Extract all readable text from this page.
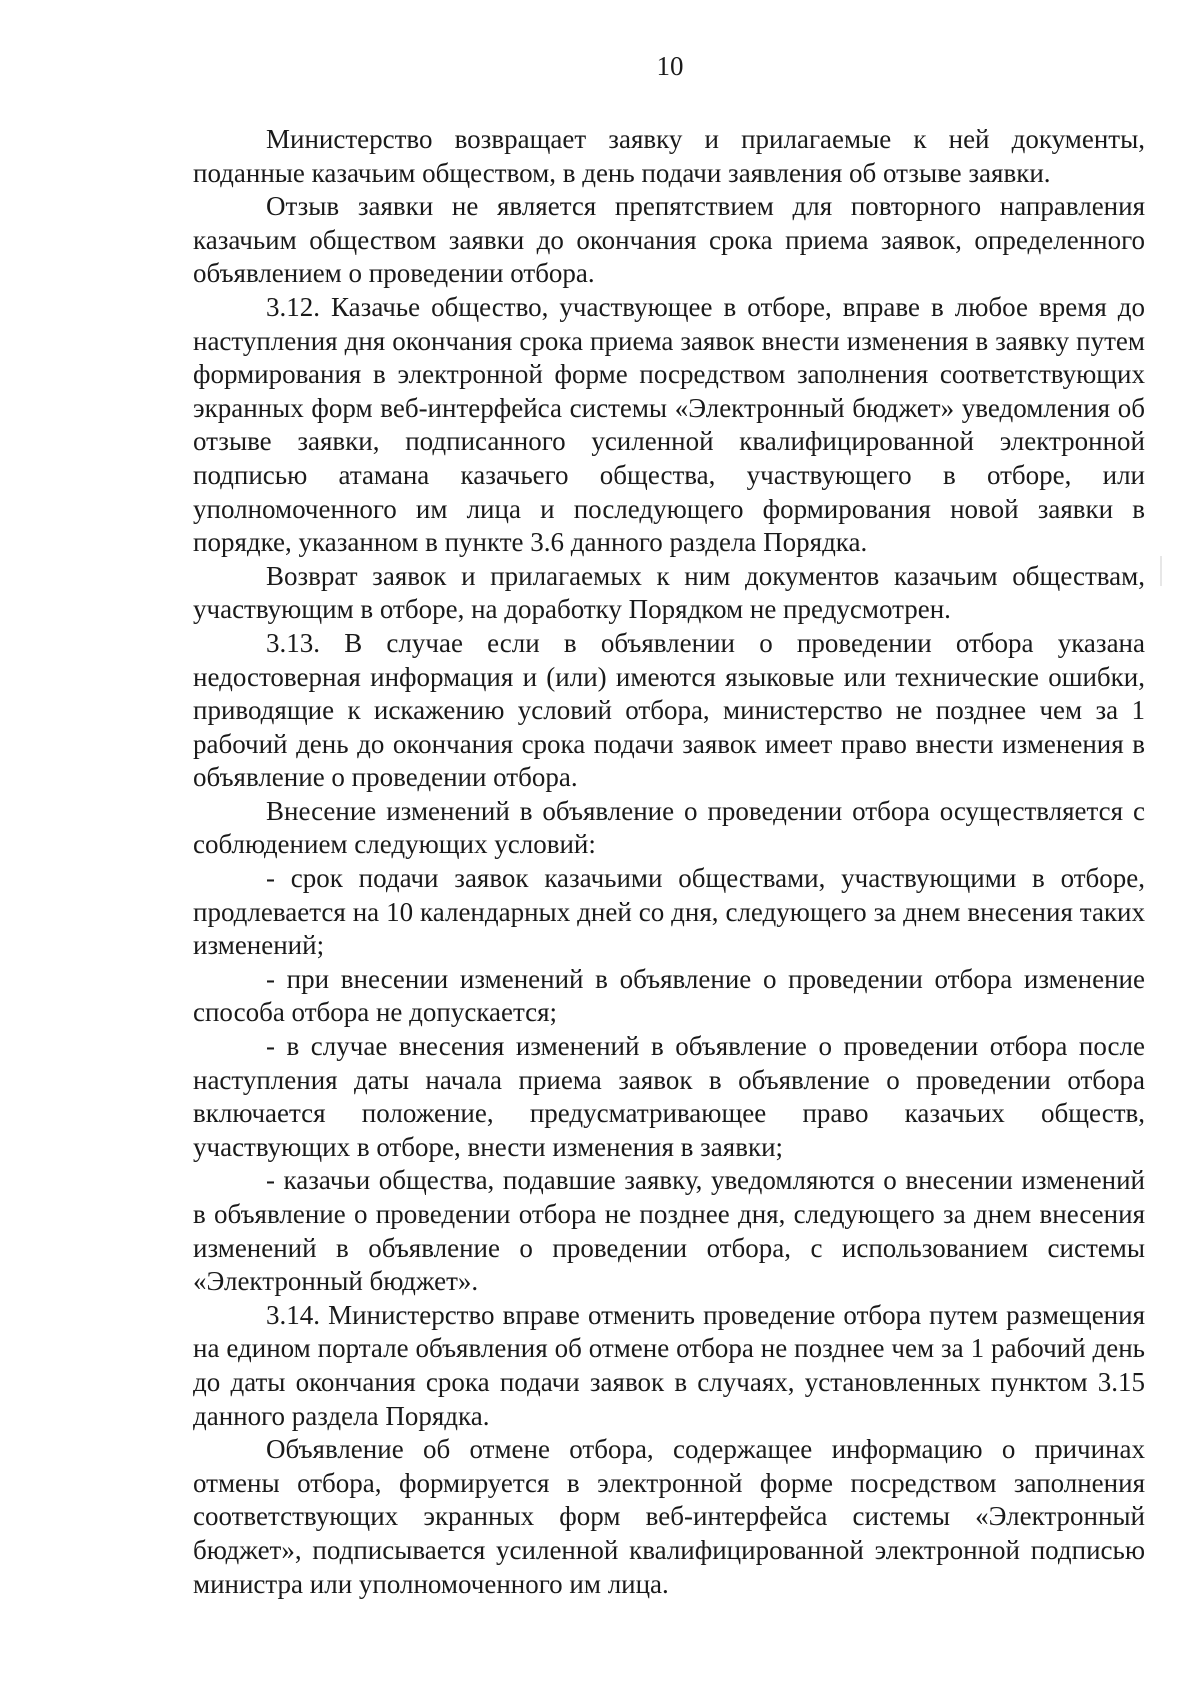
10

Министерство возвращает заявку и прилагаемые к ней документы, поданные казачьим обществом, в день подачи заявления об отзыве заявки.

Отзыв заявки не является препятствием для повторного направления казачьим обществом заявки до окончания срока приема заявок, определенного объявлением о проведении отбора.

3.12. Казачье общество, участвующее в отборе, вправе в любое время до наступления дня окончания срока приема заявок внести изменения в заявку путем формирования в электронной форме посредством заполнения соответствующих экранных форм веб-интерфейса системы «Электронный бюджет» уведомления об отзыве заявки, подписанного усиленной квалифицированной электронной подписью атамана казачьего общества, участвующего в отборе, или уполномоченного им лица и последующего формирования новой заявки в порядке, указанном в пункте 3.6 данного раздела Порядка.

Возврат заявок и прилагаемых к ним документов казачьим обществам, участвующим в отборе, на доработку Порядком не предусмотрен.

3.13. В случае если в объявлении о проведении отбора указана недостоверная информация и (или) имеются языковые или технические ошибки, приводящие к искажению условий отбора, министерство не позднее чем за 1 рабочий день до окончания срока подачи заявок имеет право внести изменения в объявление о проведении отбора.

Внесение изменений в объявление о проведении отбора осуществляется с соблюдением следующих условий:

- срок подачи заявок казачьими обществами, участвующими в отборе, продлевается на 10 календарных дней со дня, следующего за днем внесения таких изменений;

- при внесении изменений в объявление о проведении отбора изменение способа отбора не допускается;

- в случае внесения изменений в объявление о проведении отбора после наступления даты начала приема заявок в объявление о проведении отбора включается положение, предусматривающее право казачьих обществ, участвующих в отборе, внести изменения в заявки;

- казачьи общества, подавшие заявку, уведомляются о внесении изменений в объявление о проведении отбора не позднее дня, следующего за днем внесения изменений в объявление о проведении отбора, с использованием системы «Электронный бюджет».

3.14. Министерство вправе отменить проведение отбора путем размещения на едином портале объявления об отмене отбора не позднее чем за 1 рабочий день до даты окончания срока подачи заявок в случаях, установленных пунктом 3.15 данного раздела Порядка.

Объявление об отмене отбора, содержащее информацию о причинах отмены отбора, формируется в электронной форме посредством заполнения соответствующих экранных форм веб-интерфейса системы «Электронный бюджет», подписывается усиленной квалифицированной электронной подписью министра или уполномоченного им лица.
